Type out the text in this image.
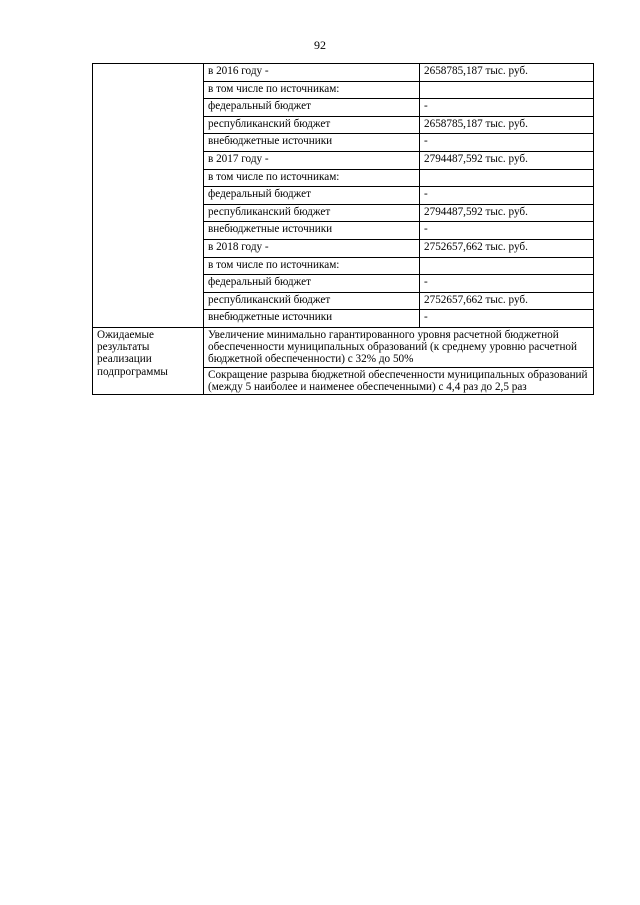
92
	в 2016 году -	2658785,187 тыс. руб.
	в том числе по источникам:	
	федеральный бюджет	-
	республиканский бюджет	2658785,187 тыс. руб.
	внебюджетные источники	-
	в 2017 году -	2794487,592 тыс. руб.
	в том числе по источникам:	
	федеральный бюджет	-
	республиканский бюджет	2794487,592 тыс. руб.
	внебюджетные источники	-
	в 2018 году -	2752657,662 тыс. руб.
	в том числе по источникам:	
	федеральный бюджет	-
	республиканский бюджет	2752657,662 тыс. руб.
	внебюджетные источники	-
Ожидаемые результаты реализации подпрограммы	Увеличение минимально гарантированного уровня расчетной бюджетной обеспеченности муниципальных образований (к среднему уровню расчетной бюджетной обеспеченности) с 32% до 50%	
	Сокращение разрыва бюджетной обеспеченности муниципальных образований (между 5 наиболее и наименее обеспеченными) с 4,4 раз до 2,5 раз	
